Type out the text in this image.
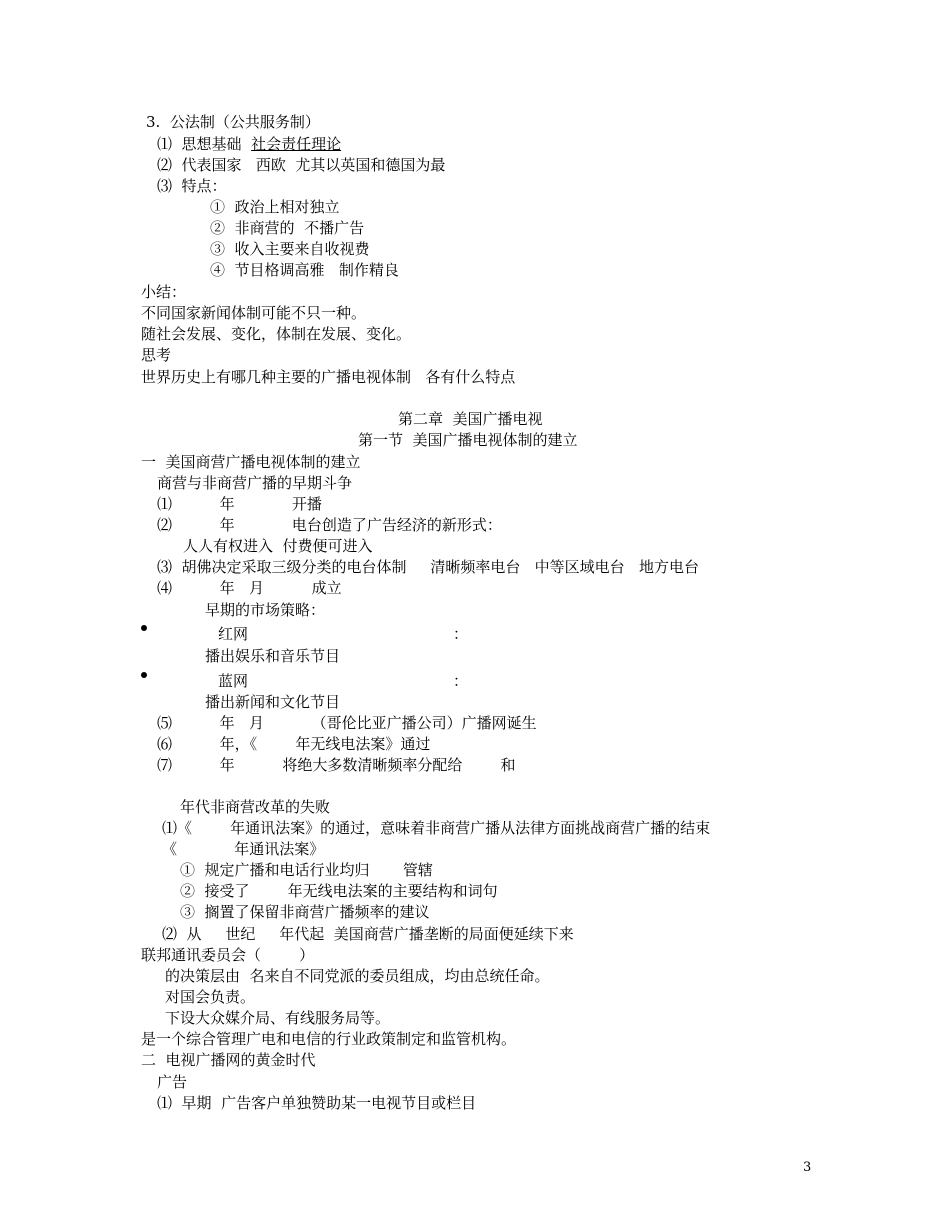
3.  公法制（公共服务制）
⑴  思想基础  社会责任理论
⑵  代表国家   西欧  尤其以英国和德国为最
⑶  特点：
①  政治上相对独立
②  非商营的  不播广告
③  收入主要来自收视费
④  节目格调高雅   制作精良
小结：
不同国家新闻体制可能不只一种。
随社会发展、变化，体制在发展、变化。
思考
世界历史上有哪几种主要的广播电视体制   各有什么特点
第二章  美国广播电视
第一节  美国广播电视体制的建立
一  美国商营广播电视体制的建立
商营与非商营广播的早期斗争
⑴          年            开播
⑵          年            电台创造了广告经济的新形式：
人人有权进入  付费便可进入
⑶  胡佛决定采取三级分类的电台体制     清晰频率电台   中等区域电台   地方电台
⑷          年   月          成立
早期的市场策略：
红网                                           ：
播出娱乐和音乐节目
蓝网                                           ：
播出新闻和文化节目
⑸          年   月          （哥伦比亚广播公司）广播网诞生
⑹          年，《        年无线电法案》通过
⑺          年          将绝大多数清晰频率分配给        和
年代非商营改革的失败
⑴《        年通讯法案》的通过，意味着非商营广播从法律方面挑战商营广播的结束
《            年通讯法案》
①  规定广播和电话行业均归       管辖
②  接受了        年无线电法案的主要结构和词句
③  搁置了保留非商营广播频率的建议
⑵  从     世纪     年代起  美国商营广播垄断的局面便延续下来
联邦通讯委员会（        ）
的决策层由  名来自不同党派的委员组成，均由总统任命。
对国会负责。
下设大众媒介局、有线服务局等。
是一个综合管理广电和电信的行业政策制定和监管机构。
二  电视广播网的黄金时代
广告
⑴  早期  广告客户单独赞助某一电视节目或栏目
3
